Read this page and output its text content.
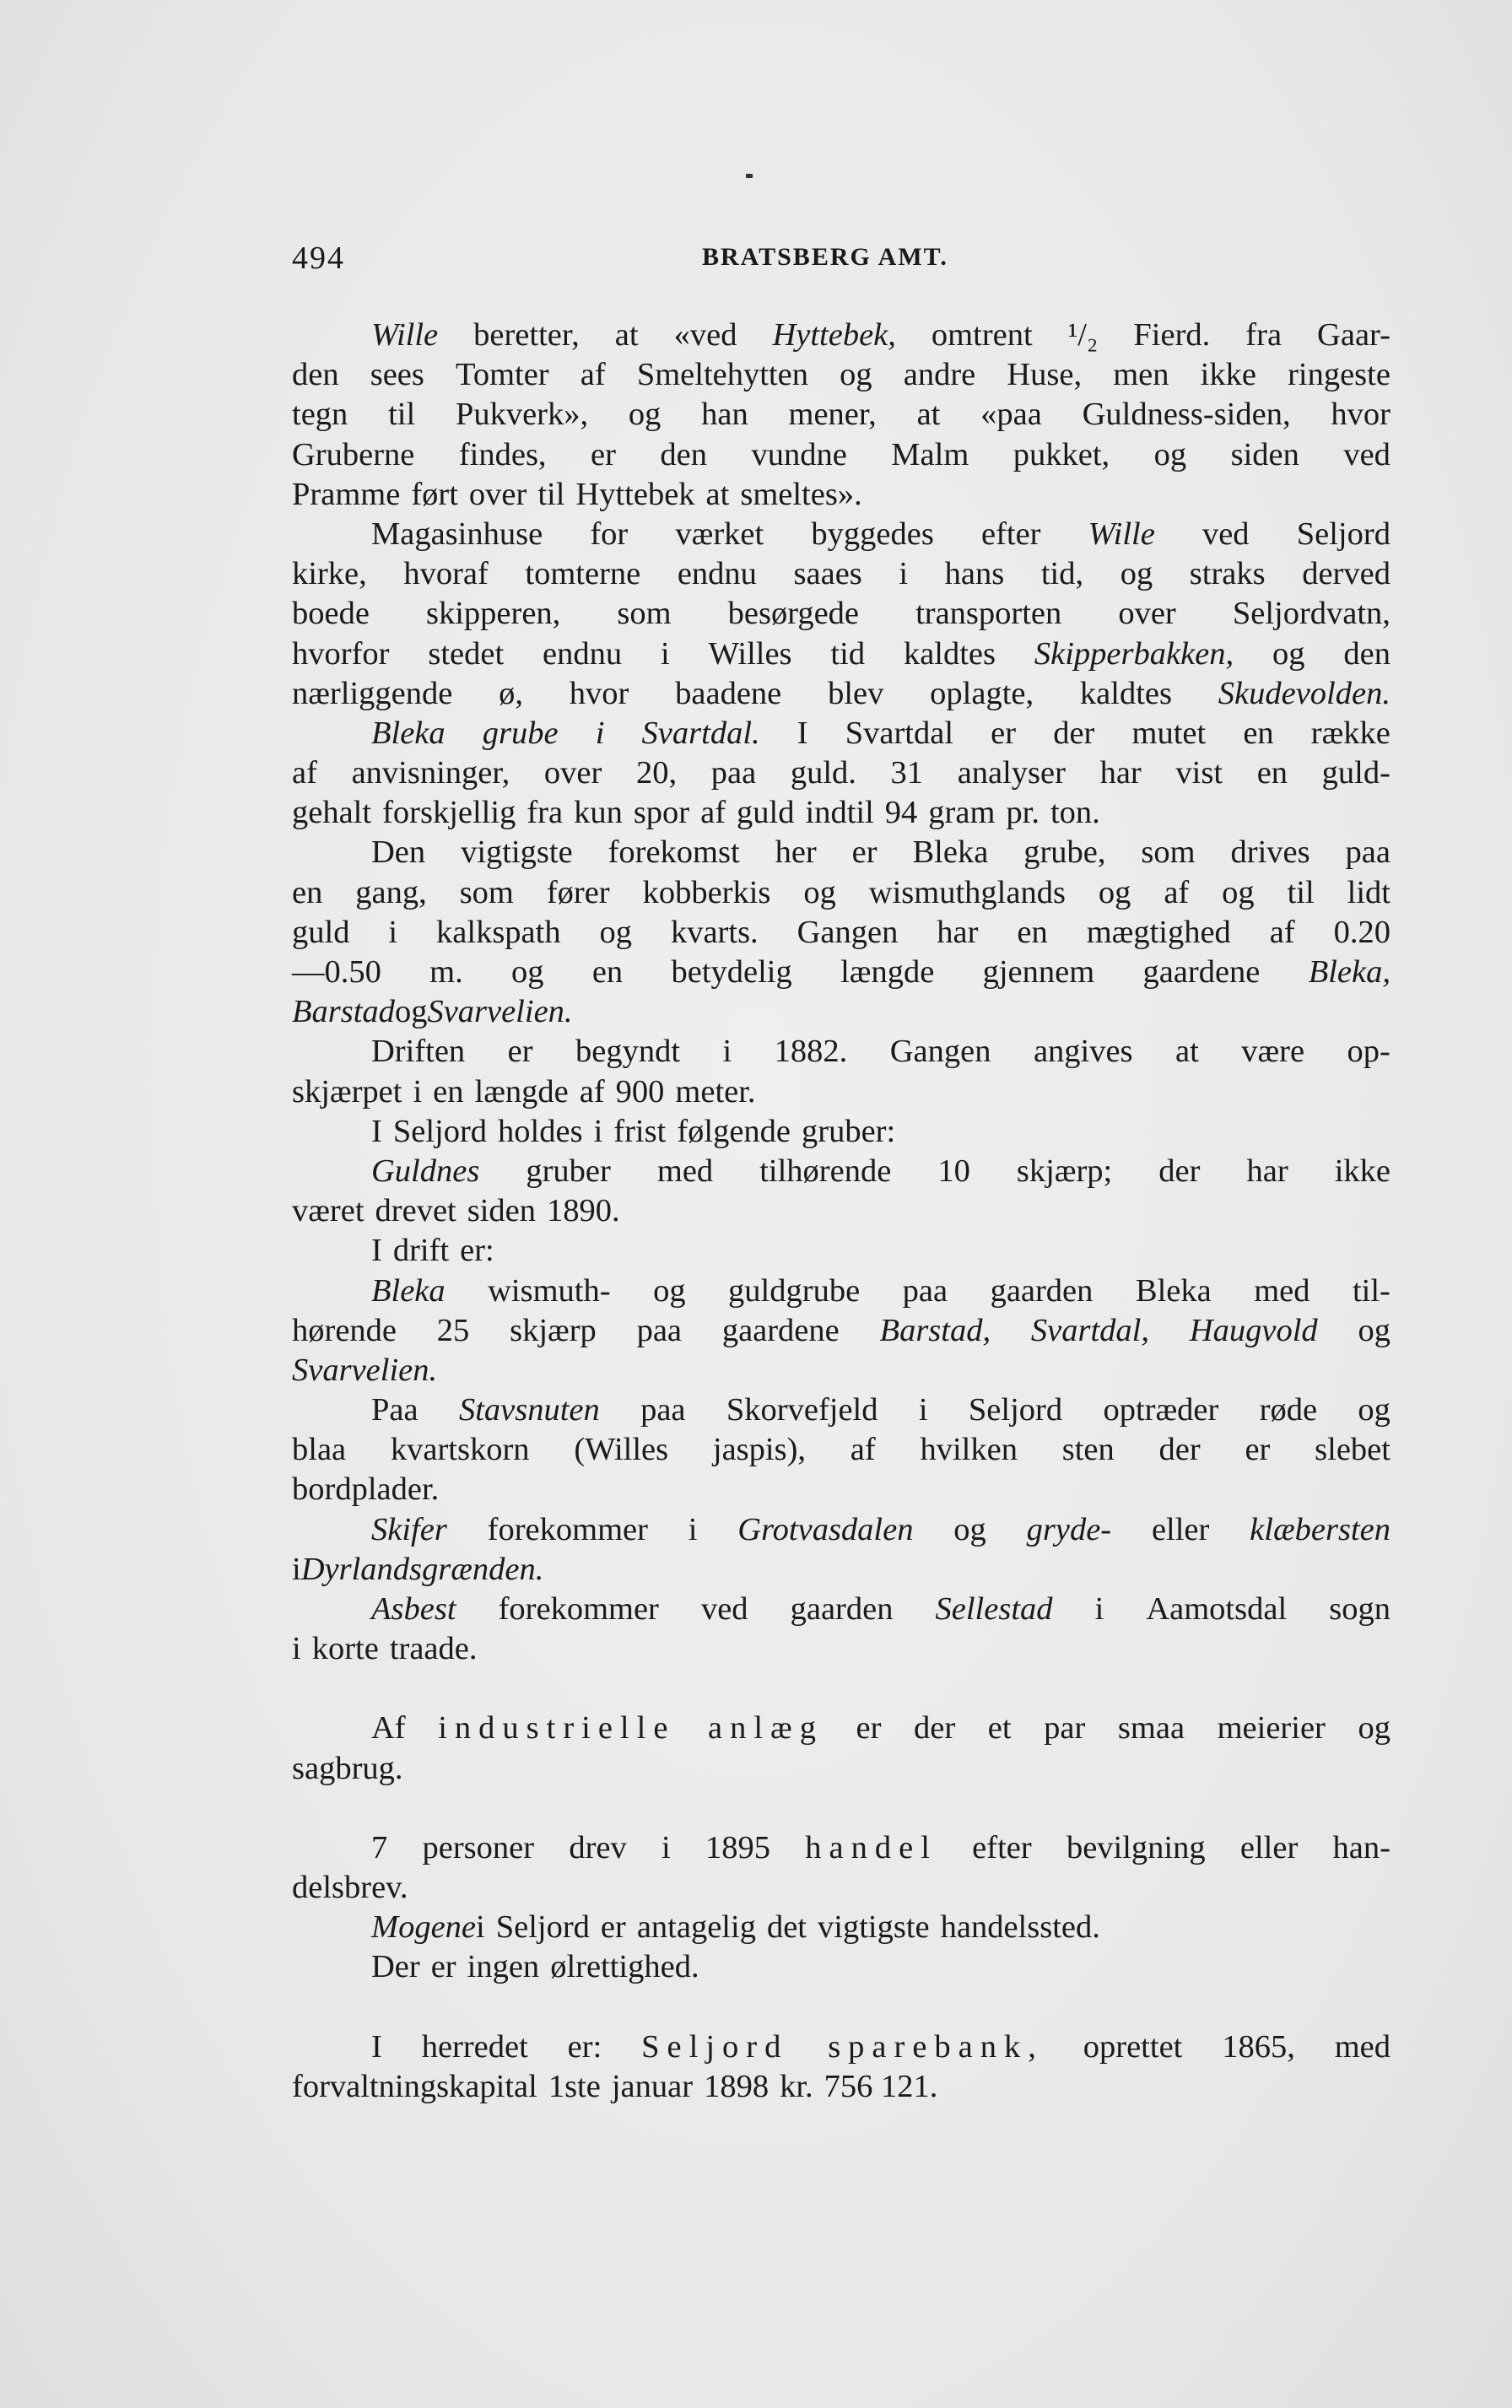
494	BRATSBERG AMT.
Wille beretter, at «ved Hyttebek, omtrent ¹/₂ Fierd. fra Gaar-
den sees Tomter af Smeltehytten og andre Huse, men ikke ringeste
tegn til Pukverk», og han mener, at «paa Guldness-siden, hvor
Gruberne findes, er den vundne Malm pukket, og siden ved
Pramme ført over til Hyttebek at smeltes».
Magasinhuse for værket byggedes efter Wille ved Seljord
kirke, hvoraf tomterne endnu saaes i hans tid, og straks derved
boede skipperen, som besørgede transporten over Seljordvatn,
hvorfor stedet endnu i Willes tid kaldtes Skipperbakken, og den
nærliggende ø, hvor baadene blev oplagte, kaldtes Skudevolden.
Bleka grube i Svartdal. I Svartdal er der mutet en række
af anvisninger, over 20, paa guld. 31 analyser har vist en guld-
gehalt forskjellig fra kun spor af guld indtil 94 gram pr. ton.
Den vigtigste forekomst her er Bleka grube, som drives paa
en gang, som fører kobberkis og wismuthglands og af og til lidt
guld i kalkspath og kvarts. Gangen har en mægtighed af 0.20
—0.50 m. og en betydelig længde gjennem gaardene Bleka,
Barstad og Svarvelien.
Driften er begyndt i 1882. Gangen angives at være op-
skjærpet i en længde af 900 meter.
I Seljord holdes i frist følgende gruber:
Guldnes gruber med tilhørende 10 skjærp; der har ikke
været drevet siden 1890.
I drift er:
Bleka wismuth- og guldgrube paa gaarden Bleka med til-
hørende 25 skjærp paa gaardene Barstad, Svartdal, Haugvold og
Svarvelien.
Paa Stavsnuten paa Skorvefjeld i Seljord optræder røde og
blaa kvartskorn (Willes jaspis), af hvilken sten der er slebet
bordplader.
Skifer forekommer i Grotvasdalen og gryde- eller klæbersten
i Dyrlandsgrænden.
Asbest forekommer ved gaarden Sellestad i Aamotsdal sogn
i korte traade.
Af industrielle anlæg er der et par smaa meierier og
sagbrug.
7 personer drev i 1895 handel efter bevilgning eller han-
delsbrev.
Mogene i Seljord er antagelig det vigtigste handelssted.
Der er ingen ølrettighed.
I herredet er: Seljord sparebank, oprettet 1865, med
forvaltningskapital 1ste januar 1898 kr. 756 121.
